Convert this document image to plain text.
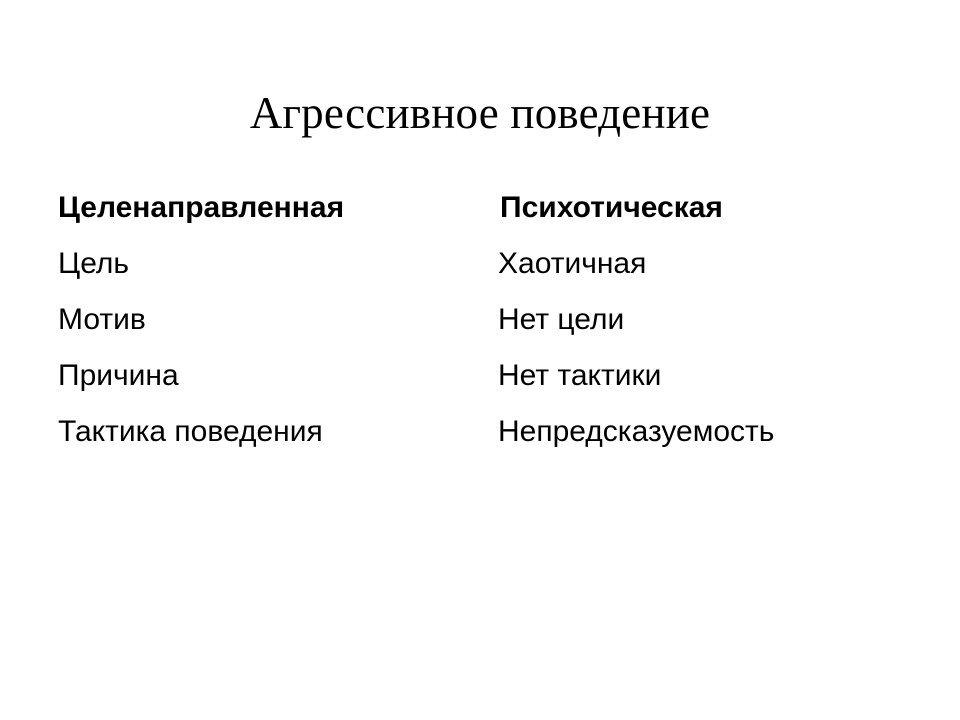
Агрессивное поведение
Целенаправленная	Психотическая
Цель	Хаотичная
Мотив	Нет цели
Причина	Нет тактики
Тактика поведения	Непредсказуемость
